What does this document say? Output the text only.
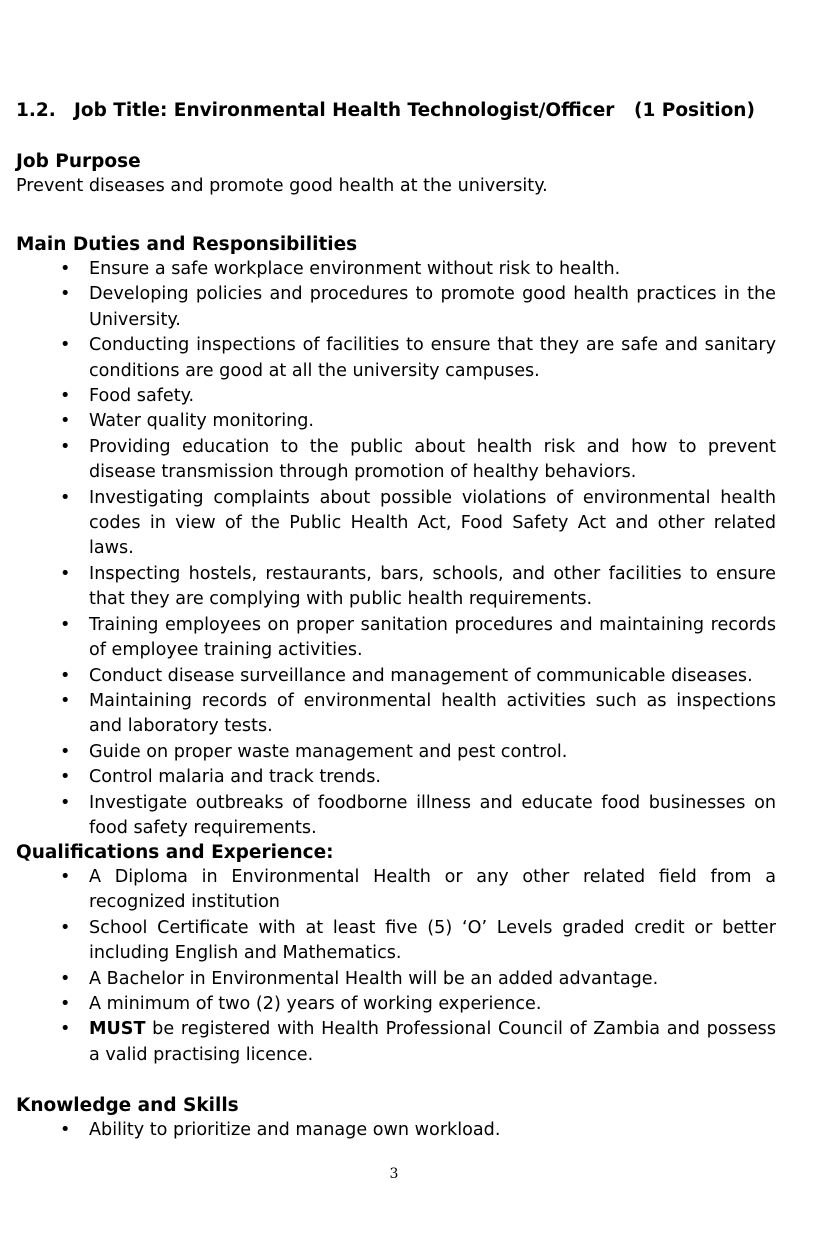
1.2. Job Title: Environmental Health Technologist/Officer (1 Position)
Job Purpose
Prevent diseases and promote good health at the university.
Main Duties and Responsibilities
• Ensure a safe workplace environment without risk to health.
• Developing policies and procedures to promote good health practices in the University.
• Conducting inspections of facilities to ensure that they are safe and sanitary conditions are good at all the university campuses.
• Food safety.
• Water quality monitoring.
• Providing education to the public about health risk and how to prevent disease transmission through promotion of healthy behaviors.
• Investigating complaints about possible violations of environmental health codes in view of the Public Health Act, Food Safety Act and other related laws.
• Inspecting hostels, restaurants, bars, schools, and other facilities to ensure that they are complying with public health requirements.
• Training employees on proper sanitation procedures and maintaining records of employee training activities.
• Conduct disease surveillance and management of communicable diseases.
• Maintaining records of environmental health activities such as inspections and laboratory tests.
• Guide on proper waste management and pest control.
• Control malaria and track trends.
• Investigate outbreaks of foodborne illness and educate food businesses on food safety requirements.
Qualifications and Experience:
• A Diploma in Environmental Health or any other related field from a recognized institution
• School Certificate with at least five (5) ‘O’ Levels graded credit or better including English and Mathematics.
• A Bachelor in Environmental Health will be an added advantage.
• A minimum of two (2) years of working experience.
• MUST be registered with Health Professional Council of Zambia and possess a valid practising licence.
Knowledge and Skills
• Ability to prioritize and manage own workload.
3
